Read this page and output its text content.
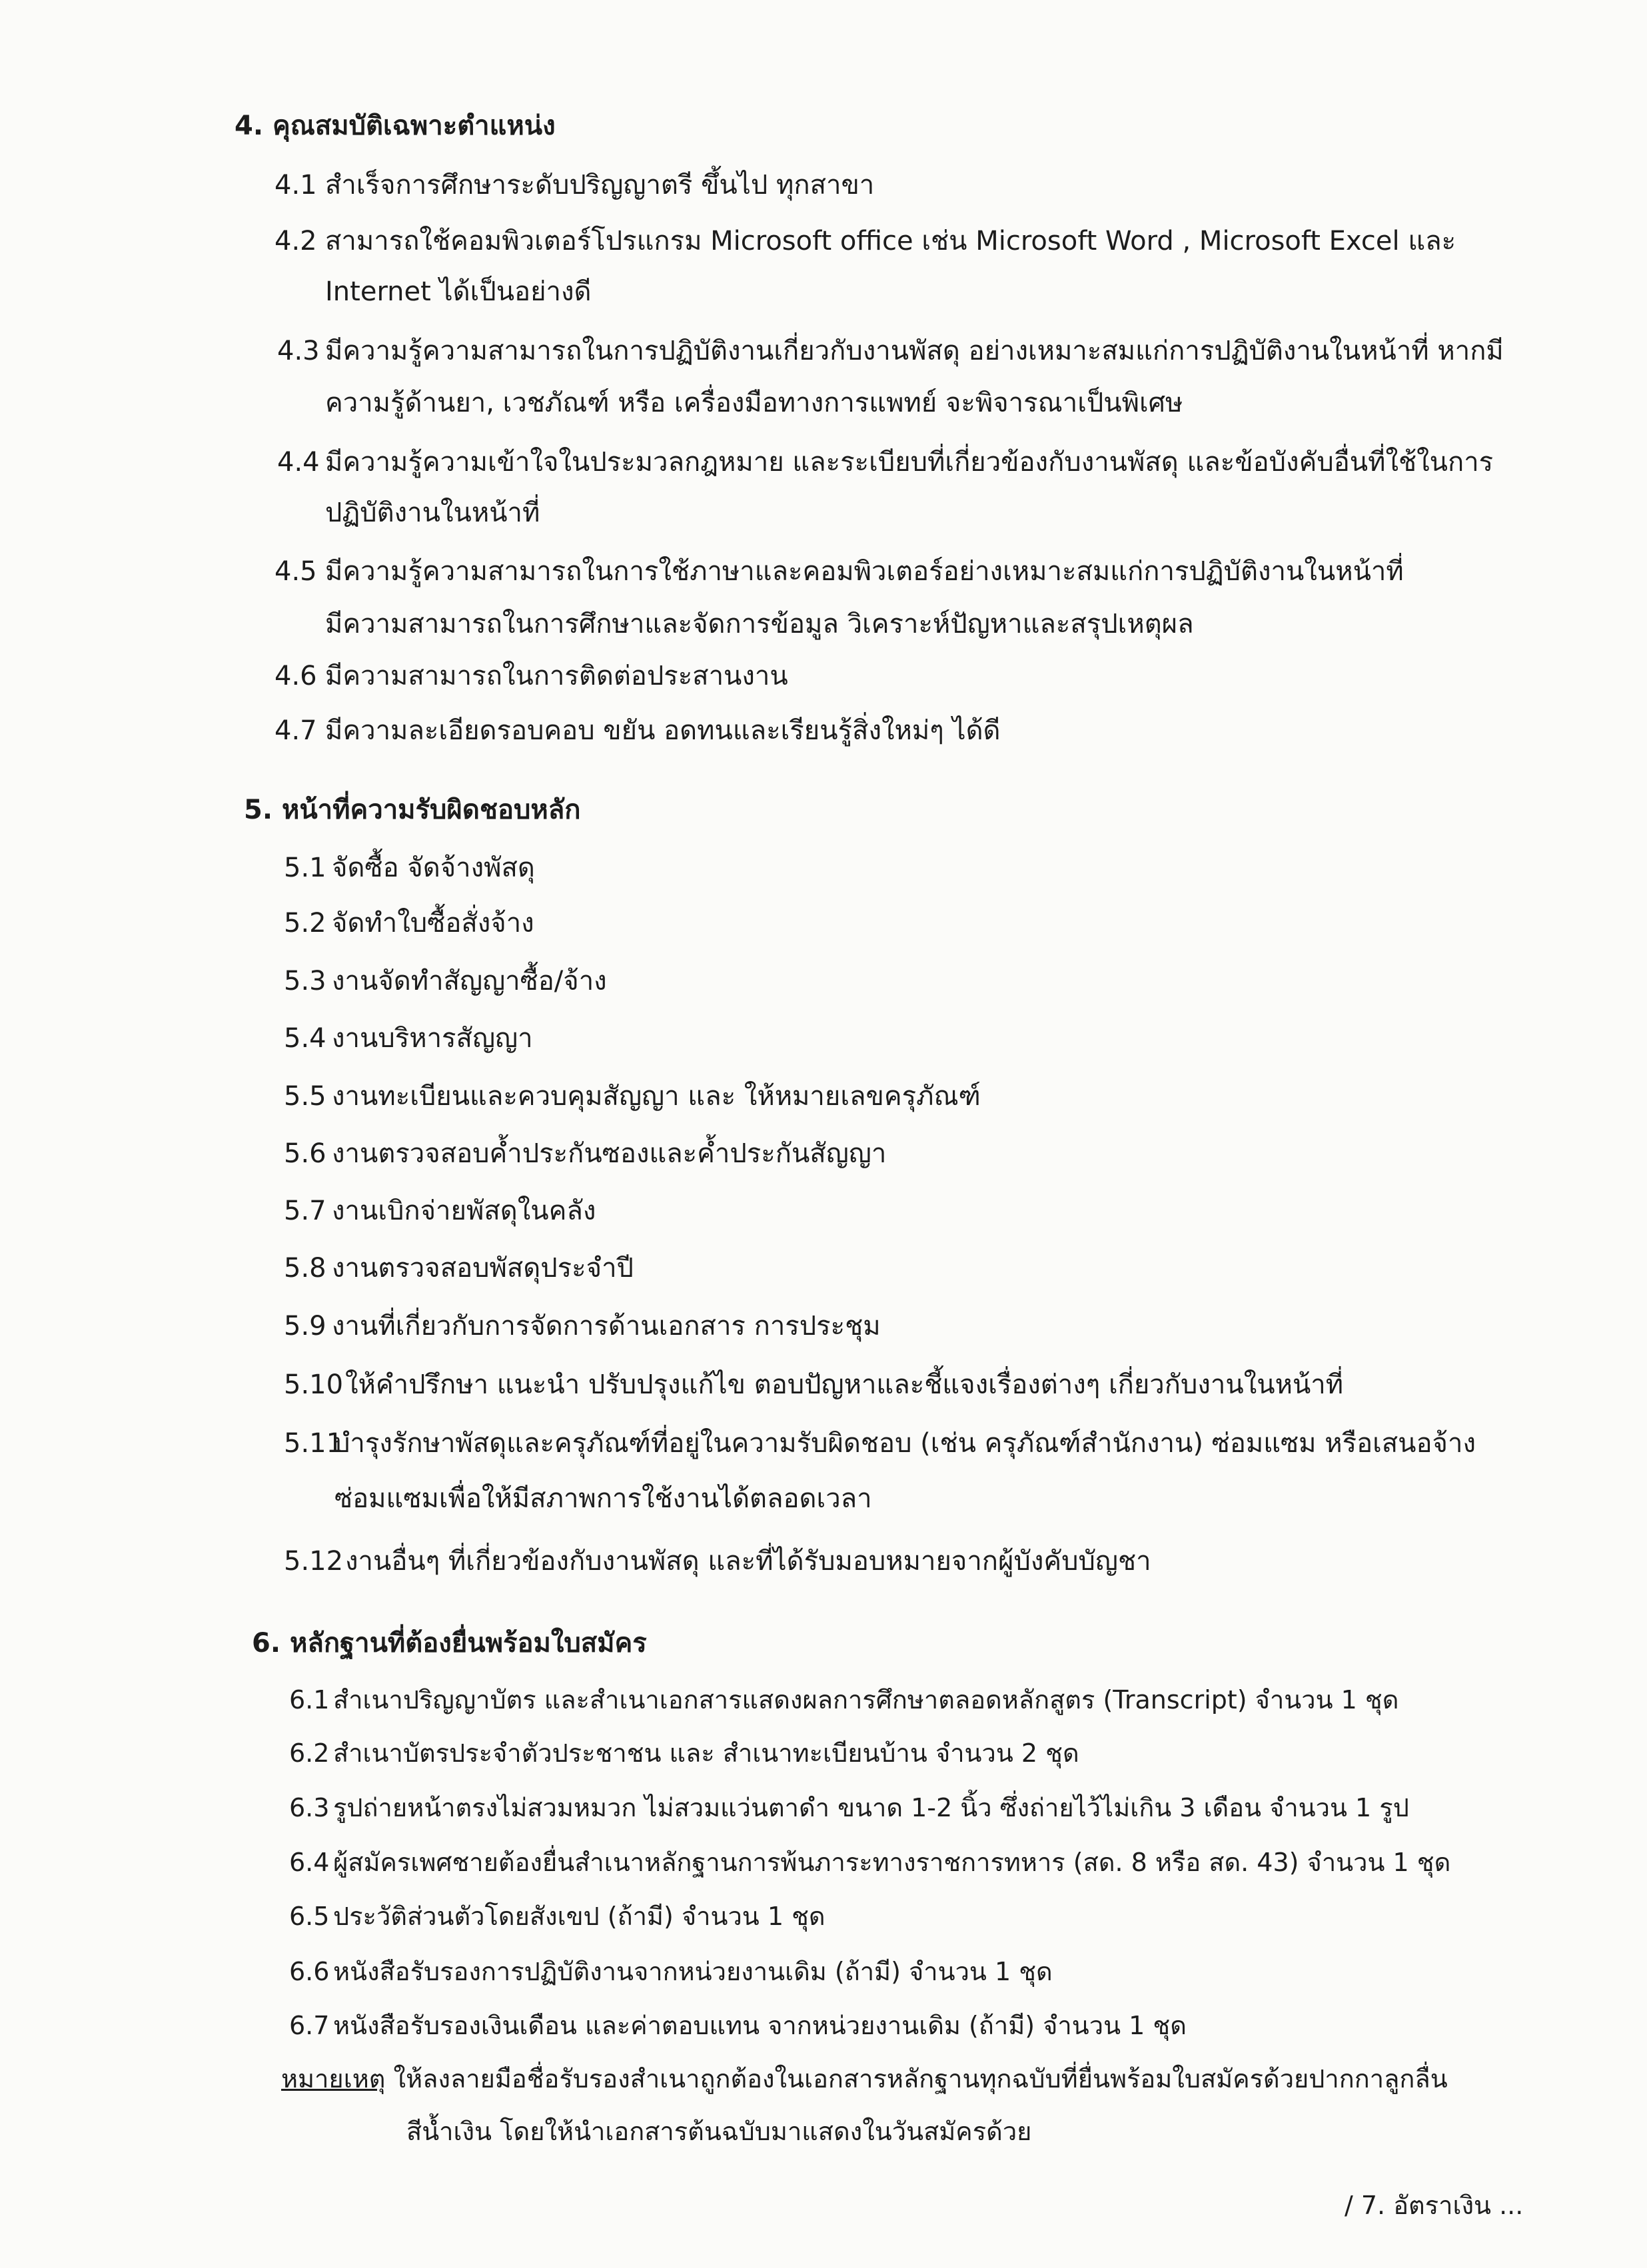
4. คุณสมบัติเฉพาะตำแหน่ง
4.1 สำเร็จการศึกษาระดับปริญญาตรี ขึ้นไป ทุกสาขา
4.2 สามารถใช้คอมพิวเตอร์โปรแกรม Microsoft office เช่น Microsoft Word , Microsoft Excel และ
Internet ได้เป็นอย่างดี
4.3 มีความรู้ความสามารถในการปฏิบัติงานเกี่ยวกับงานพัสดุ อย่างเหมาะสมแก่การปฏิบัติงานในหน้าที่ หากมี
ความรู้ด้านยา, เวชภัณฑ์ หรือ เครื่องมือทางการแพทย์ จะพิจารณาเป็นพิเศษ
4.4 มีความรู้ความเข้าใจในประมวลกฎหมาย และระเบียบที่เกี่ยวข้องกับงานพัสดุ และข้อบังคับอื่นที่ใช้ในการ
ปฏิบัติงานในหน้าที่
4.5 มีความรู้ความสามารถในการใช้ภาษาและคอมพิวเตอร์อย่างเหมาะสมแก่การปฏิบัติงานในหน้าที่
มีความสามารถในการศึกษาและจัดการข้อมูล วิเคราะห์ปัญหาและสรุปเหตุผล
4.6 มีความสามารถในการติดต่อประสานงาน
4.7 มีความละเอียดรอบคอบ ขยัน อดทนและเรียนรู้สิ่งใหม่ๆ ได้ดี
5. หน้าที่ความรับผิดชอบหลัก
5.1 จัดซื้อ จัดจ้างพัสดุ
5.2 จัดทำใบซื้อสั่งจ้าง
5.3 งานจัดทำสัญญาซื้อ/จ้าง
5.4 งานบริหารสัญญา
5.5 งานทะเบียนและควบคุมสัญญา และ ให้หมายเลขครุภัณฑ์
5.6 งานตรวจสอบค้ำประกันซองและค้ำประกันสัญญา
5.7 งานเบิกจ่ายพัสดุในคลัง
5.8 งานตรวจสอบพัสดุประจำปี
5.9 งานที่เกี่ยวกับการจัดการด้านเอกสาร การประชุม
5.10ให้คำปรึกษา แนะนำ ปรับปรุงแก้ไข ตอบปัญหาและชี้แจงเรื่องต่างๆ เกี่ยวกับงานในหน้าที่
5.11บำรุงรักษาพัสดุและครุภัณฑ์ที่อยู่ในความรับผิดชอบ (เช่น ครุภัณฑ์สำนักงาน) ซ่อมแซม หรือเสนอจ้าง
ซ่อมแซมเพื่อให้มีสภาพการใช้งานได้ตลอดเวลา
5.12งานอื่นๆ ที่เกี่ยวข้องกับงานพัสดุ และที่ได้รับมอบหมายจากผู้บังคับบัญชา
6. หลักฐานที่ต้องยื่นพร้อมใบสมัคร
6.1 สำเนาปริญญาบัตร และสำเนาเอกสารแสดงผลการศึกษาตลอดหลักสูตร (Transcript) จำนวน 1 ชุด
6.2 สำเนาบัตรประจำตัวประชาชน และ สำเนาทะเบียนบ้าน จำนวน 2 ชุด
6.3 รูปถ่ายหน้าตรงไม่สวมหมวก ไม่สวมแว่นตาดำ ขนาด 1-2 นิ้ว ซึ่งถ่ายไว้ไม่เกิน 3 เดือน จำนวน 1 รูป
6.4 ผู้สมัครเพศชายต้องยื่นสำเนาหลักฐานการพ้นภาระทางราชการทหาร (สด. 8 หรือ สด. 43) จำนวน 1 ชุด
6.5 ประวัติส่วนตัวโดยสังเขป (ถ้ามี) จำนวน 1 ชุด
6.6 หนังสือรับรองการปฏิบัติงานจากหน่วยงานเดิม (ถ้ามี) จำนวน 1 ชุด
6.7 หนังสือรับรองเงินเดือน และค่าตอบแทน จากหน่วยงานเดิม (ถ้ามี) จำนวน 1 ชุด
หมายเหตุ ให้ลงลายมือชื่อรับรองสำเนาถูกต้องในเอกสารหลักฐานทุกฉบับที่ยื่นพร้อมใบสมัครด้วยปากกาลูกลื่น
สีน้ำเงิน โดยให้นำเอกสารต้นฉบับมาแสดงในวันสมัครด้วย
/ 7. อัตราเงิน ...
